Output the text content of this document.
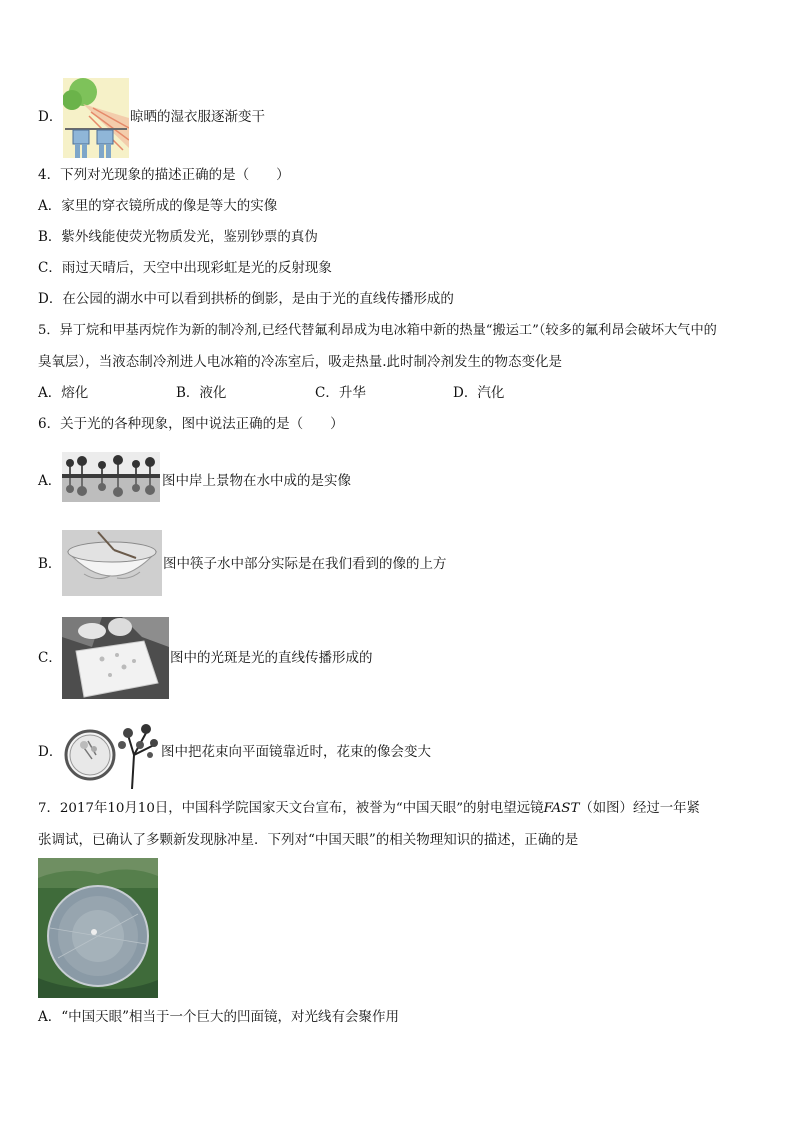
D．	晾晒的湿衣服逐渐变干
4．下列对光现象的描述正确的是（　　）
A．家里的穿衣镜所成的像是等大的实像
B．紫外线能使荧光物质发光，鉴别钞票的真伪
C．雨过天晴后，天空中出现彩虹是光的反射现象
D．在公园的湖水中可以看到拱桥的倒影，是由于光的直线传播形成的
5．异丁烷和甲基丙烷作为新的制冷剂,已经代替氟利昂成为电冰箱中新的热量“搬运工”（较多的氟利昂会破坏大气中的
臭氧层），当液态制冷剂进人电冰箱的冷冻室后，吸走热量.此时制冷剂发生的物态变化是
A．熔化	B．液化	C．升华	D．汽化
6．关于光的各种现象，图中说法正确的是（　　）
A．	图中岸上景物在水中成的是实像
B．	图中筷子水中部分实际是在我们看到的像的上方
C．	图中的光斑是光的直线传播形成的
D．	图中把花束向平面镜靠近时，花束的像会变大
7．2017年10月10日，中国科学院国家天文台宣布，被誉为“中国天眼”的射电望远镜FAST（如图）经过一年紧
张调试，已确认了多颗新发现脉冲星．下列对“中国天眼”的相关物理知识的描述，正确的是
A．“中国天眼”相当于一个巨大的凹面镜，对光线有会聚作用
